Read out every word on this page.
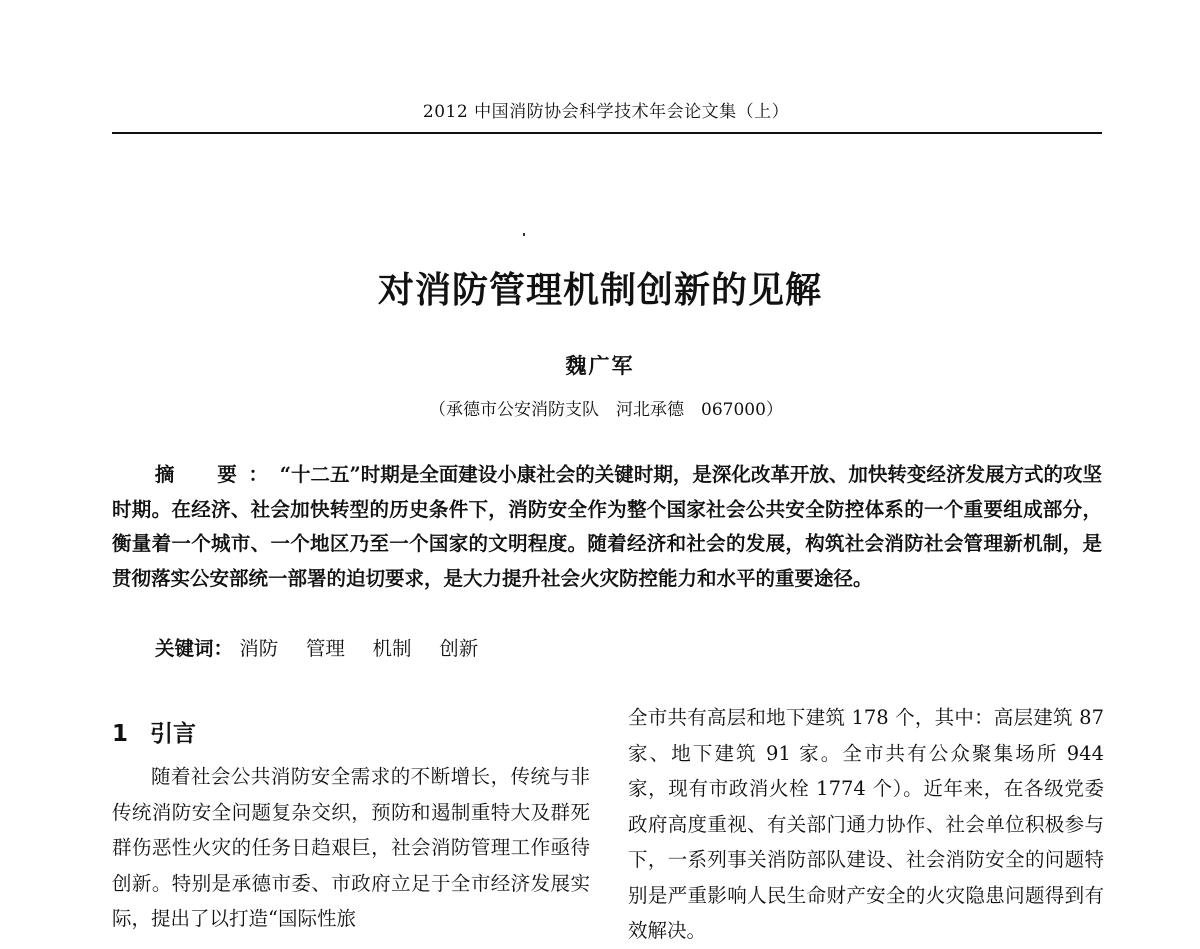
2012 中国消防协会科学技术年会论文集（上）
对消防管理机制创新的见解
魏广军
（承德市公安消防支队　河北承德　067000）

摘　要：“十二五”时期是全面建设小康社会的关键时期，是深化改革开放、加快转变经济发展方式的攻坚时期。在经济、社会加快转型的历史条件下，消防安全作为整个国家社会公共安全防控体系的一个重要组成部分，衡量着一个城市、一个地区乃至一个国家的文明程度。随着经济和社会的发展，构筑社会消防社会管理新机制，是贯彻落实公安部统一部署的迫切要求，是大力提升社会火灾防控能力和水平的重要途径。

关键词： 消防 管理 机制 创新
1 引言

随着社会公共消防安全需求的不断增长，传统与非传统消防安全问题复杂交织，预防和遏制重特大及群死群伤恶性火灾的任务日趋艰巨，社会消防管理工作亟待创新。特别是承德市委、市政府立足于全市经济发展实际，提出了以打造“国际性旅

全市共有高层和地下建筑 178 个，其中：高层建筑 87 家、地下建筑 91 家。全市共有公众聚集场所 944 家，现有市政消火栓 1774 个）。近年来，在各级党委政府高度重视、有关部门通力协作、社会单位积极参与下，一系列事关消防部队建设、社会消防安全的问题特别是严重影响人民生命财产安全的火灾隐患问题得到有效解决。
